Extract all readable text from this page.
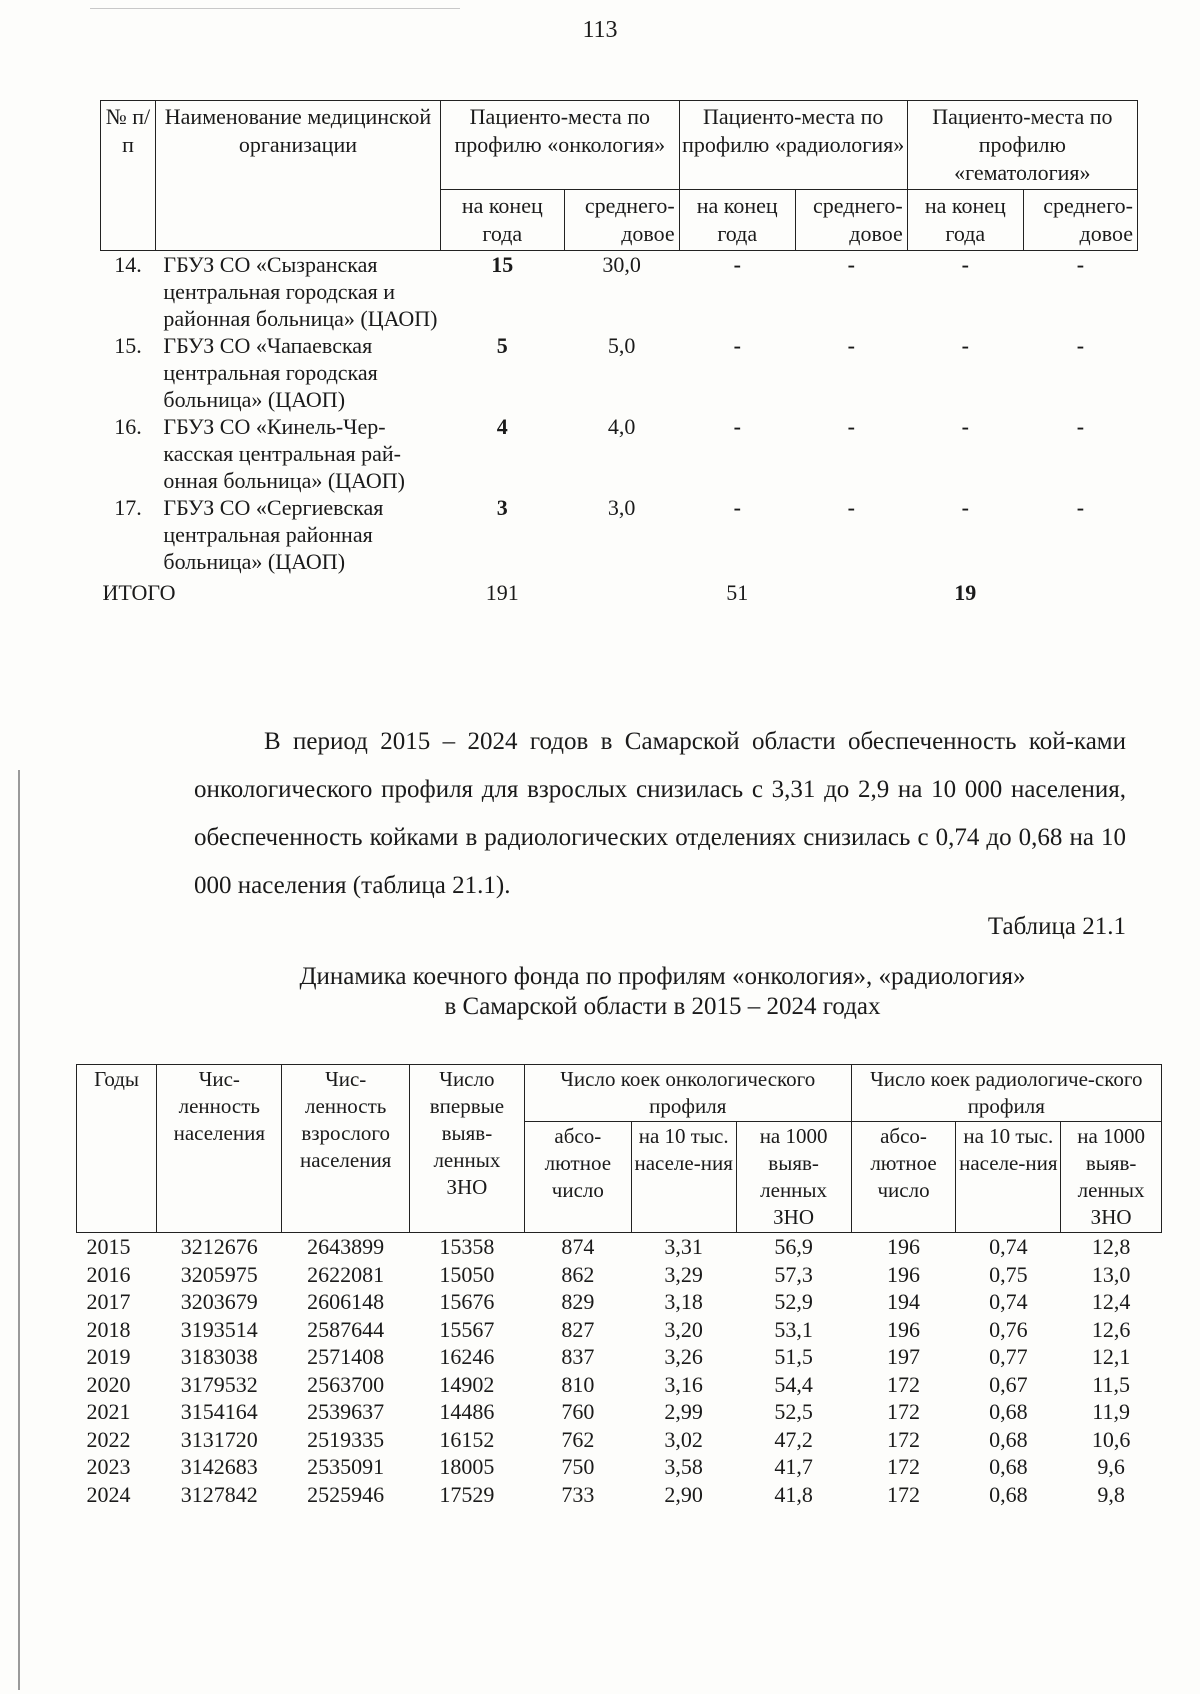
113
№ п/п	Наименование медицинской организации	Пациенто-места по профилю «онкология»		Пациенто-места по профилю «радиология»		Пациенто-места по профилю «гематология»	
		на конец года	среднего-довое	на конец года	среднего-довое	на конец года	среднего-довое
14.	ГБУЗ СО «Сызранская центральная городская и районная больница» (ЦАОП)	15	30,0	-	-	-	-
15.	ГБУЗ СО «Чапаевская центральная городская больница» (ЦАОП)	5	5,0	-	-	-	-
16.	ГБУЗ СО «Кинель-Чер-касская центральная рай-онная больница» (ЦАОП)	4	4,0	-	-	-	-
17.	ГБУЗ СО «Сергиевская центральная районная больница» (ЦАОП)	3	3,0	-	-	-	-
ИТОГО		191		51		19	

В период 2015 – 2024 годов в Самарской области обеспеченность кой-ками онкологического профиля для взрослых снизилась с 3,31 до 2,9 на 10 000 населения, обеспеченность койками в радиологических отделениях снизилась с 0,74 до 0,68 на 10 000 населения (таблица 21.1).

Таблица 21.1
Динамика коечного фонда по профилям «онкология», «радиология»
в Самарской области в 2015 – 2024 годах
Годы	Чис-ленность населения	Чис-ленность взрослого населения	Число впервые выяв-ленных ЗНО	Число коек онкологического профиля			Число коек радиологиче-ского профиля		
				абсо-лютное число	на 10 тыс. населе-ния	на 1000 выяв-ленных ЗНО	абсо-лютное число	на 10 тыс. населе-ния	на 1000 выяв-ленных ЗНО
2015	3212676	2643899	15358	874	3,31	56,9	196	0,74	12,8
2016	3205975	2622081	15050	862	3,29	57,3	196	0,75	13,0
2017	3203679	2606148	15676	829	3,18	52,9	194	0,74	12,4
2018	3193514	2587644	15567	827	3,20	53,1	196	0,76	12,6
2019	3183038	2571408	16246	837	3,26	51,5	197	0,77	12,1
2020	3179532	2563700	14902	810	3,16	54,4	172	0,67	11,5
2021	3154164	2539637	14486	760	2,99	52,5	172	0,68	11,9
2022	3131720	2519335	16152	762	3,02	47,2	172	0,68	10,6
2023	3142683	2535091	18005	750	3,58	41,7	172	0,68	9,6
2024	3127842	2525946	17529	733	2,90	41,8	172	0,68	9,8
